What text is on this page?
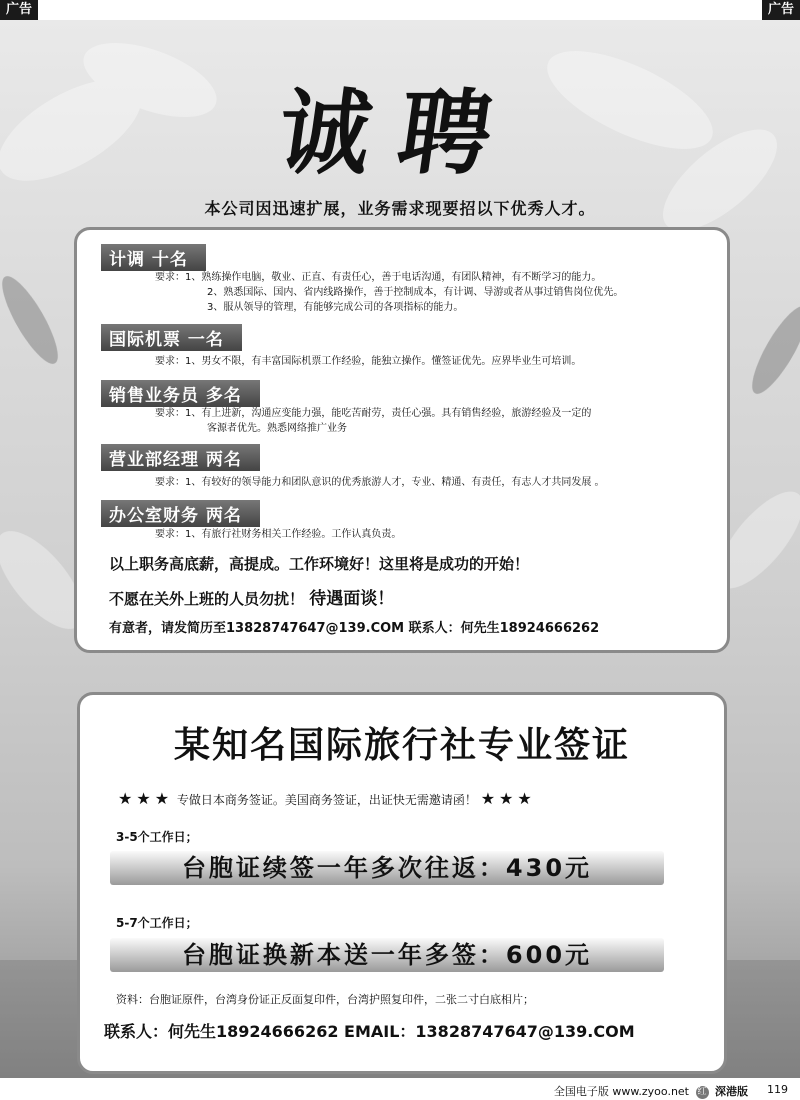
广告	广告
诚聘
本公司因迅速扩展，业务需求现要招以下优秀人才。
计调 十名
要求：1、熟练操作电脑，敬业、正直、有责任心，善于电话沟通，有团队精神，有不断学习的能力。
2、熟悉国际、国内、省内线路操作，善于控制成本，有计调、导游或者从事过销售岗位优先。
3、服从领导的管理，有能够完成公司的各项指标的能力。
国际机票 一名
要求：1、男女不限，有丰富国际机票工作经验，能独立操作。懂签证优先。应界毕业生可培训。
销售业务员 多名
要求：1、有上进新，沟通应变能力强，能吃苦耐劳，责任心强。具有销售经验，旅游经验及一定的
客源者优先。熟悉网络推广业务
营业部经理 两名
要求：1、有较好的领导能力和团队意识的优秀旅游人才，专业、精通、有责任，有志人才共同发展 。
办公室财务 两名
要求：1、有旅行社财务相关工作经验。工作认真负责。
以上职务高底薪，高提成。工作环境好！这里将是成功的开始！
不愿在关外上班的人员勿扰！ 待遇面谈！
有意者，请发简历至13828747647@139.COM 联系人：何先生18924666262
某知名国际旅行社专业签证
★★★ 专做日本商务签证。美国商务签证，出证快无需邀请函！ ★★★
3-5个工作日；
台胞证续签一年多次往返：430元
5-7个工作日；
台胞证换新本送一年多签：600元
资料：台胞证原件，台湾身份证正反面复印件，台湾护照复印件，二张二寸白底相片；
联系人：何先生18924666262 EMAIL：13828747647@139.COM
全国电子版 www.zyoo.net 红 深港版 119
